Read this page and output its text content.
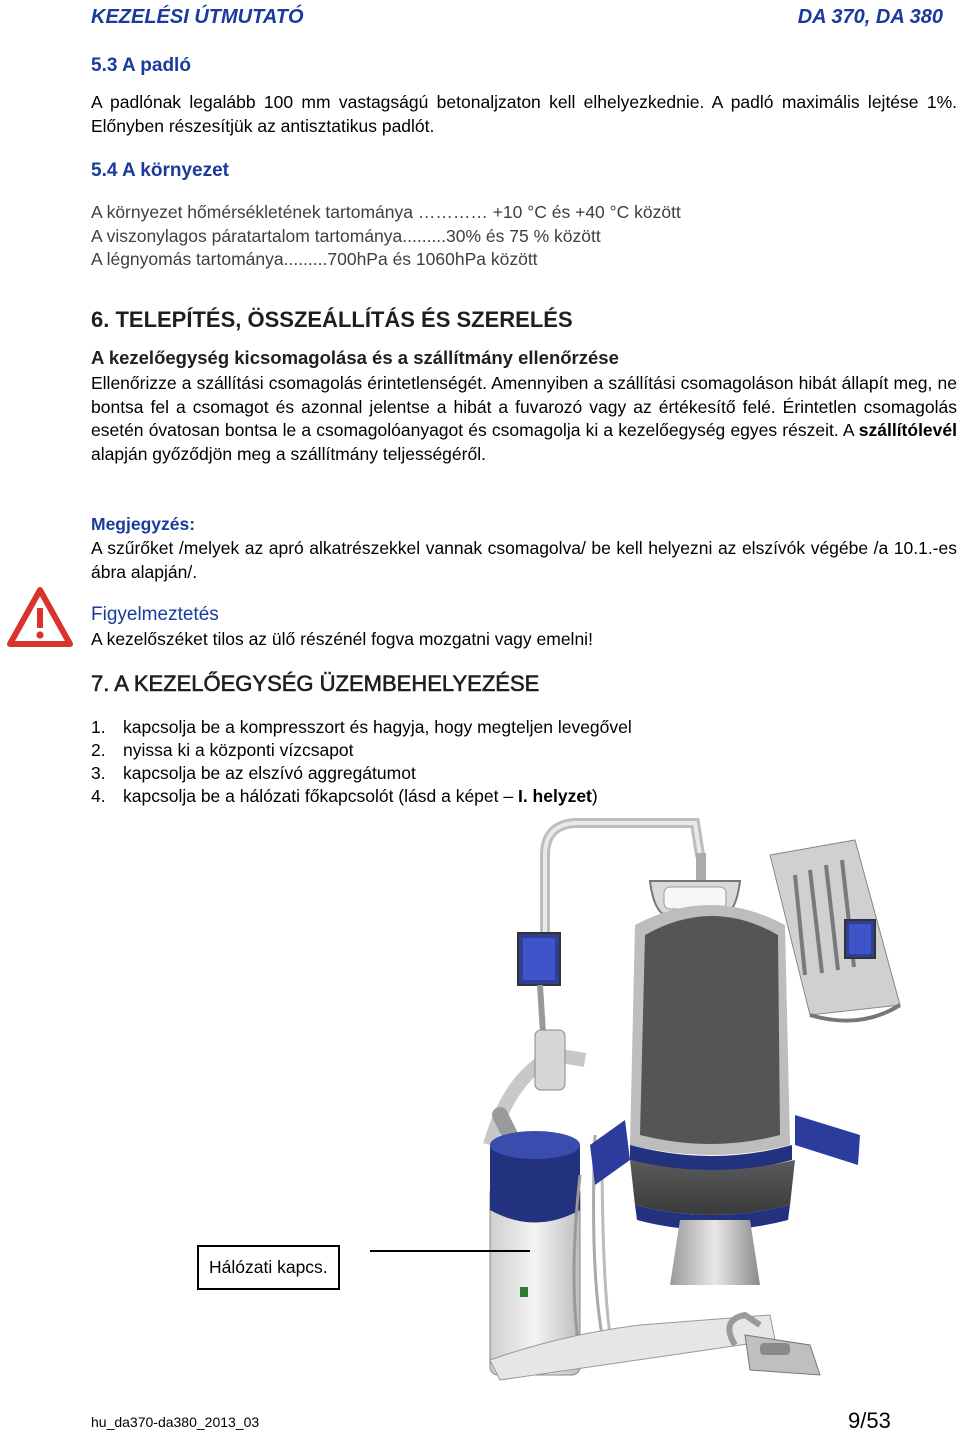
KEZELÉSI ÚTMUTATÓ	DA 370, DA 380
5.3 A padló
A padlónak legalább 100 mm vastagságú betonaljzaton kell elhelyezkednie. A padló maximális lejtése 1%. Előnyben részesítjük az antisztatikus padlót.
5.4 A környezet
A környezet hőmérsékletének tartománya ………… +10 °C és +40 °C között
A viszonylagos páratartalom tartománya.........30% és 75 % között
A légnyomás tartománya.........700hPa és 1060hPa között
6. TELEPÍTÉS, ÖSSZEÁLLÍTÁS ÉS SZERELÉS
A kezelőegység kicsomagolása és a szállítmány ellenőrzése
Ellenőrizze a szállítási csomagolás érintetlenségét. Amennyiben a szállítási csomagoláson hibát állapít meg, ne bontsa fel a csomagot és azonnal jelentse a hibát a fuvarozó vagy az értékesítő felé. Érintetlen csomagolás esetén óvatosan bontsa le a csomagolóanyagot és csomagolja ki a kezelőegység egyes részeit. A szállítólevél alapján győződjön meg a szállítmány teljességéről.
Megjegyzés:
A szűrőket /melyek az apró alkatrészekkel vannak csomagolva/ be kell helyezni az elszívók végébe /a 10.1.-es ábra alapján/.
Figyelmeztetés
A kezelőszéket tilos az ülő részénél fogva mozgatni vagy emelni!
7. A KEZELŐEGYSÉG ÜZEMBEHELYEZÉSE
1. kapcsolja be a kompresszort és hagyja, hogy megteljen levegővel
2. nyissa ki a központi vízcsapot
3. kapcsolja be az elszívó aggregátumot
4. kapcsolja be a hálózati főkapcsolót (lásd a képet – I. helyzet)
Hálózati kapcs.
hu_da370-da380_2013_03	9/53
